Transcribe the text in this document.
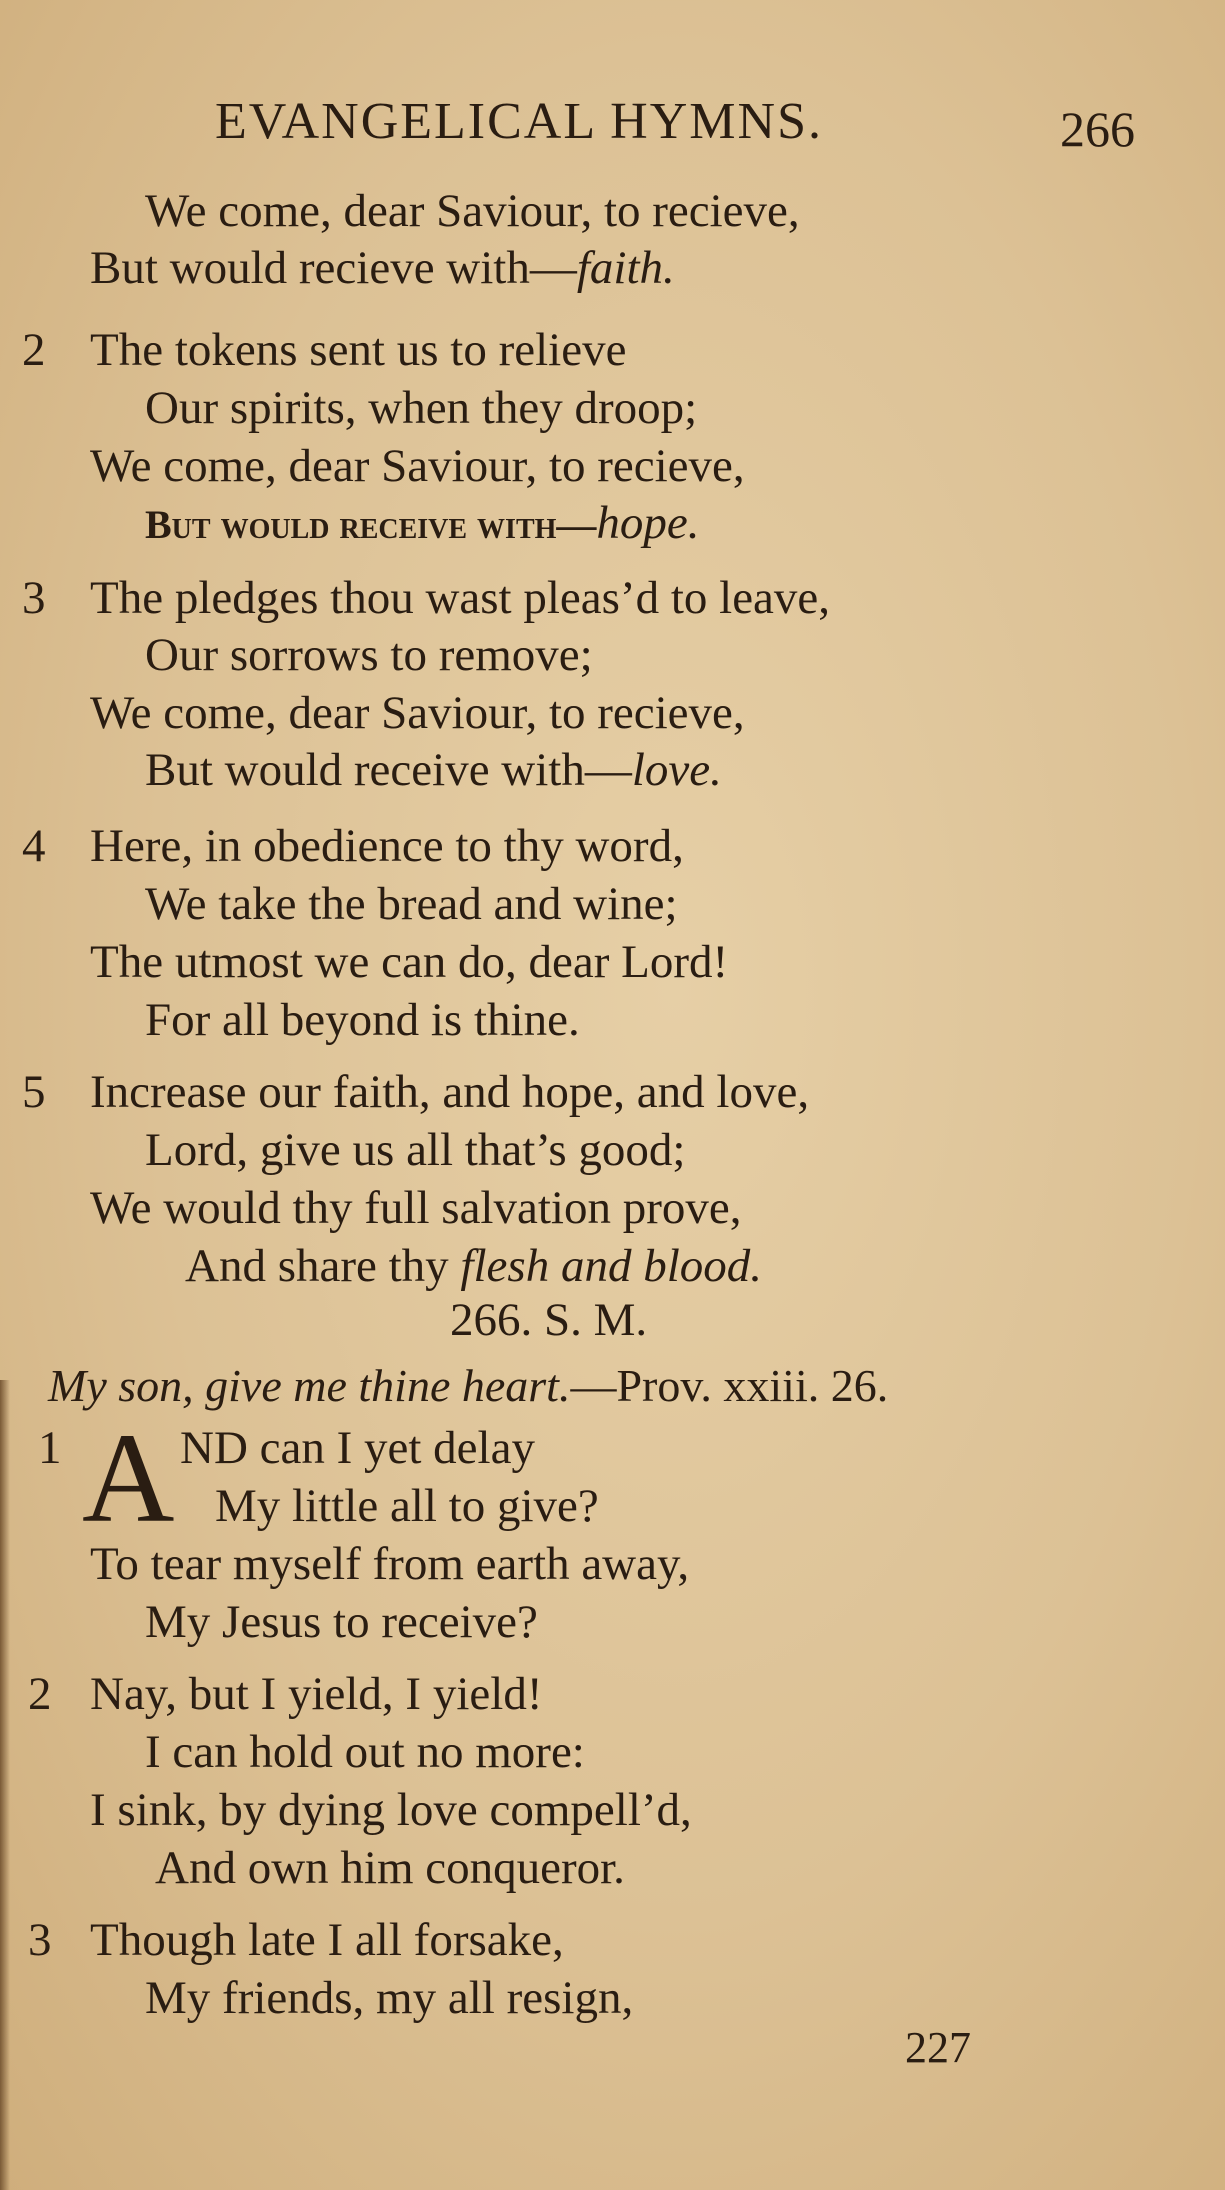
EVANGELICAL HYMNS.	266
We come, dear Saviour, to recieve,
But would recieve with—faith.
2 The tokens sent us to relieve
Our spirits, when they droop;
We come, dear Saviour, to recieve,
But would receive with—hope.
3 The pledges thou wast pleas’d to leave,
Our sorrows to remove;
We come, dear Saviour, to recieve,
But would receive with—love.
4 Here, in obedience to thy word,
We take the bread and wine;
The utmost we can do, dear Lord!
For all beyond is thine.
5 Increase our faith, and hope, and love,
Lord, give us all that’s good;
We would thy full salvation prove,
And share thy flesh and blood.
266. S. M.
My son, give me thine heart.—Prov. xxiii. 26.
1 A ND can I yet delay
My little all to give?
To tear myself from earth away,
My Jesus to receive?
2 Nay, but I yield, I yield!
I can hold out no more:
I sink, by dying love compell’d,
And own him conqueror.
3 Though late I all forsake,
My friends, my all resign,
227
